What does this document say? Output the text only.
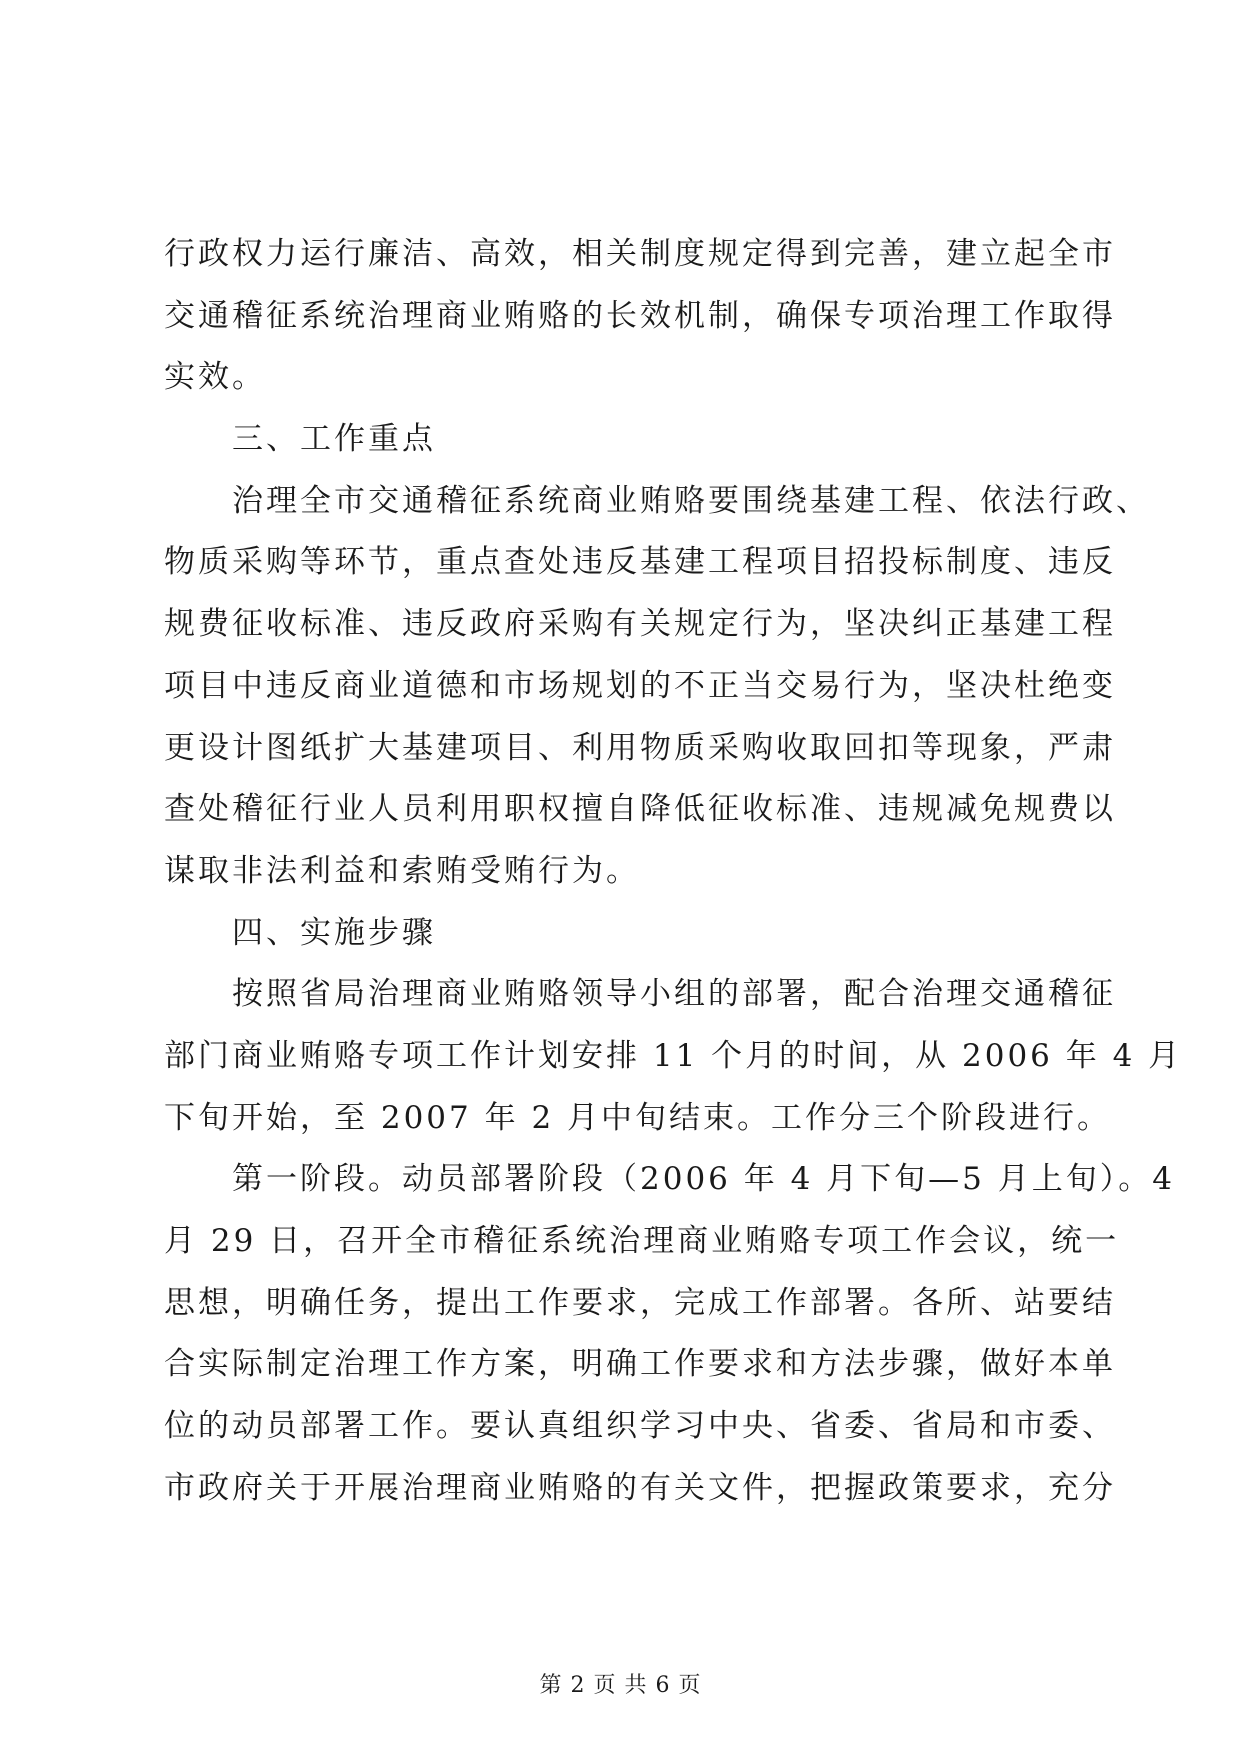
行政权力运行廉洁、高效，相关制度规定得到完善，建立起全市
交通稽征系统治理商业贿赂的长效机制，确保专项治理工作取得
实效。
三、工作重点
治理全市交通稽征系统商业贿赂要围绕基建工程、依法行政、
物质采购等环节，重点查处违反基建工程项目招投标制度、违反
规费征收标准、违反政府采购有关规定行为，坚决纠正基建工程
项目中违反商业道德和市场规划的不正当交易行为，坚决杜绝变
更设计图纸扩大基建项目、利用物质采购收取回扣等现象，严肃
查处稽征行业人员利用职权擅自降低征收标准、违规减免规费以
谋取非法利益和索贿受贿行为。
四、实施步骤
按照省局治理商业贿赂领导小组的部署，配合治理交通稽征
部门商业贿赂专项工作计划安排 11 个月的时间，从 2006 年 4 月
下旬开始，至 2007 年 2 月中旬结束。工作分三个阶段进行。
第一阶段。动员部署阶段（2006 年 4 月下旬—5 月上旬）。4
月 29 日，召开全市稽征系统治理商业贿赂专项工作会议，统一
思想，明确任务，提出工作要求，完成工作部署。各所、站要结
合实际制定治理工作方案，明确工作要求和方法步骤，做好本单
位的动员部署工作。要认真组织学习中央、省委、省局和市委、
市政府关于开展治理商业贿赂的有关文件，把握政策要求，充分
第 2 页 共 6 页
